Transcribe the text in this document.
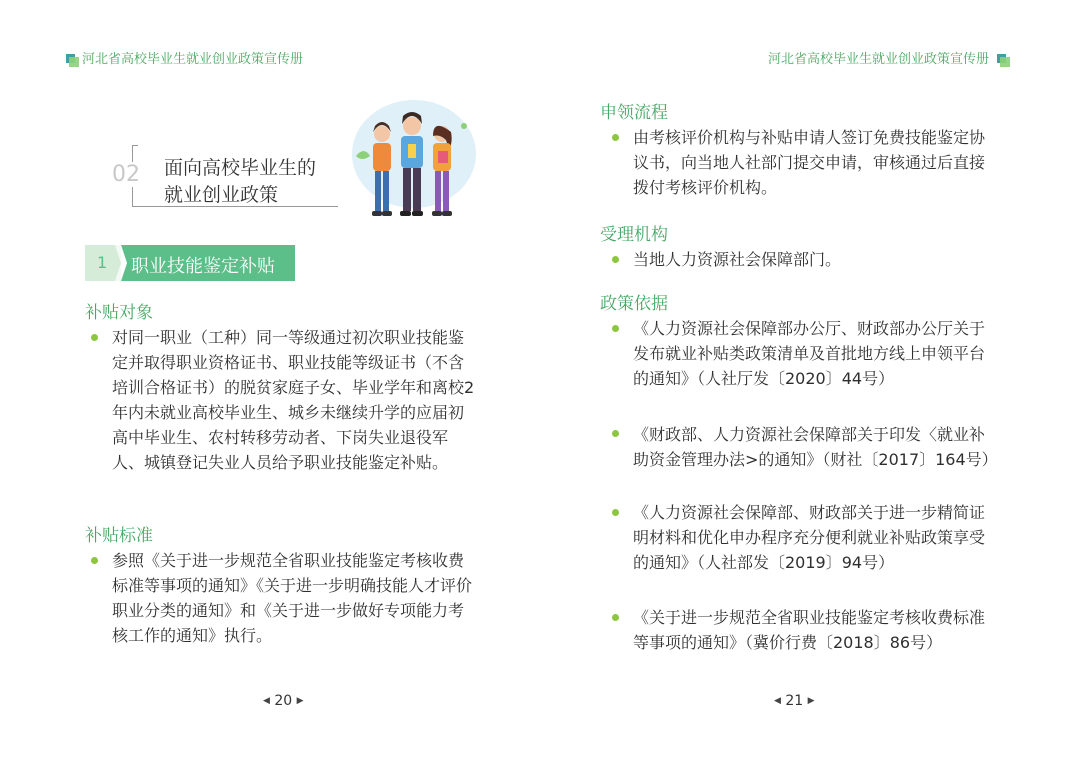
河北省高校毕业生就业创业政策宣传册	河北省高校毕业生就业创业政策宣传册
02 面向高校毕业生的
就业创业政策
1 职业技能鉴定补贴
补贴对象
对同一职业（工种）同一等级通过初次职业技能鉴定并取得职业资格证书、职业技能等级证书（不含培训合格证书）的脱贫家庭子女、毕业学年和离校2年内未就业高校毕业生、城乡未继续升学的应届初高中毕业生、农村转移劳动者、下岗失业退役军人、城镇登记失业人员给予职业技能鉴定补贴。
补贴标准
参照《关于进一步规范全省职业技能鉴定考核收费标准等事项的通知》《关于进一步明确技能人才评价职业分类的通知》和《关于进一步做好专项能力考核工作的通知》执行。
◀ 20 ▶
申领流程
由考核评价机构与补贴申请人签订免费技能鉴定协议书，向当地人社部门提交申请，审核通过后直接拨付考核评价机构。
受理机构
当地人力资源社会保障部门。
政策依据
《人力资源社会保障部办公厅、财政部办公厅关于发布就业补贴类政策清单及首批地方线上申领平台的通知》（人社厅发〔2020〕44号）
《财政部、人力资源社会保障部关于印发〈就业补助资金管理办法>的通知》（财社〔2017〕164号）
《人力资源社会保障部、财政部关于进一步精简证明材料和优化申办程序充分便利就业补贴政策享受的通知》（人社部发〔2019〕94号）
《关于进一步规范全省职业技能鉴定考核收费标准等事项的通知》（冀价行费〔2018〕86号）
◀ 21 ▶
